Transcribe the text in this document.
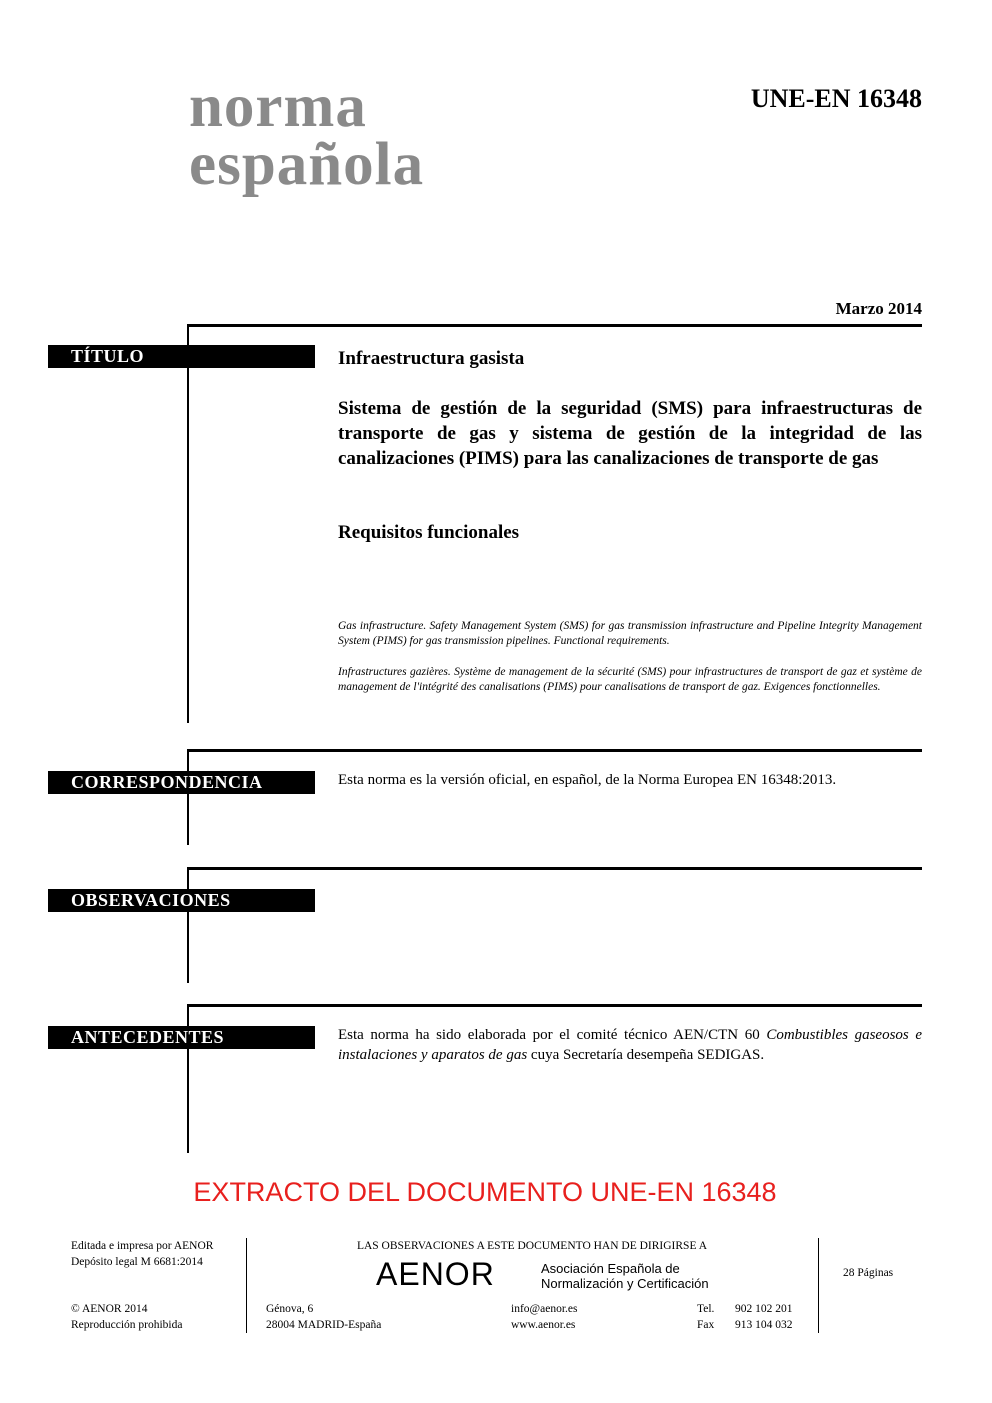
norma
española
UNE-EN 16348
Marzo 2014
TÍTULO	Infraestructura gasista
Sistema de gestión de la seguridad (SMS) para infraestructuras de transporte de gas y sistema de gestión de la integridad de las canalizaciones (PIMS) para las canalizaciones de transporte de gas
Requisitos funcionales
Gas infrastructure. Safety Management System (SMS) for gas transmission infrastructure and Pipeline Integrity Management System (PIMS) for gas transmission pipelines. Functional requirements.
Infrastructures gazières. Système de management de la sécurité (SMS) pour infrastructures de transport de gaz et système de management de l'intégrité des canalisations (PIMS) pour canalisations de transport de gaz. Exigences fonctionnelles.
CORRESPONDENCIA	Esta norma es la versión oficial, en español, de la Norma Europea EN 16348:2013.
OBSERVACIONES
ANTECEDENTES	Esta norma ha sido elaborada por el comité técnico AEN/CTN 60 Combustibles gaseosos e instalaciones y aparatos de gas cuya Secretaría desempeña SEDIGAS.
EXTRACTO DEL DOCUMENTO UNE-EN 16348
Editada e impresa por AENOR
Depósito legal M 6681:2014
© AENOR 2014
Reproducción prohibida
LAS OBSERVACIONES A ESTE DOCUMENTO HAN DE DIRIGIRSE A
AENOR	Asociación Española de
Normalización y Certificación
Génova, 6
28004 MADRID-España
info@aenor.es
www.aenor.es
Tel. 902 102 201
Fax 913 104 032
28 Páginas
